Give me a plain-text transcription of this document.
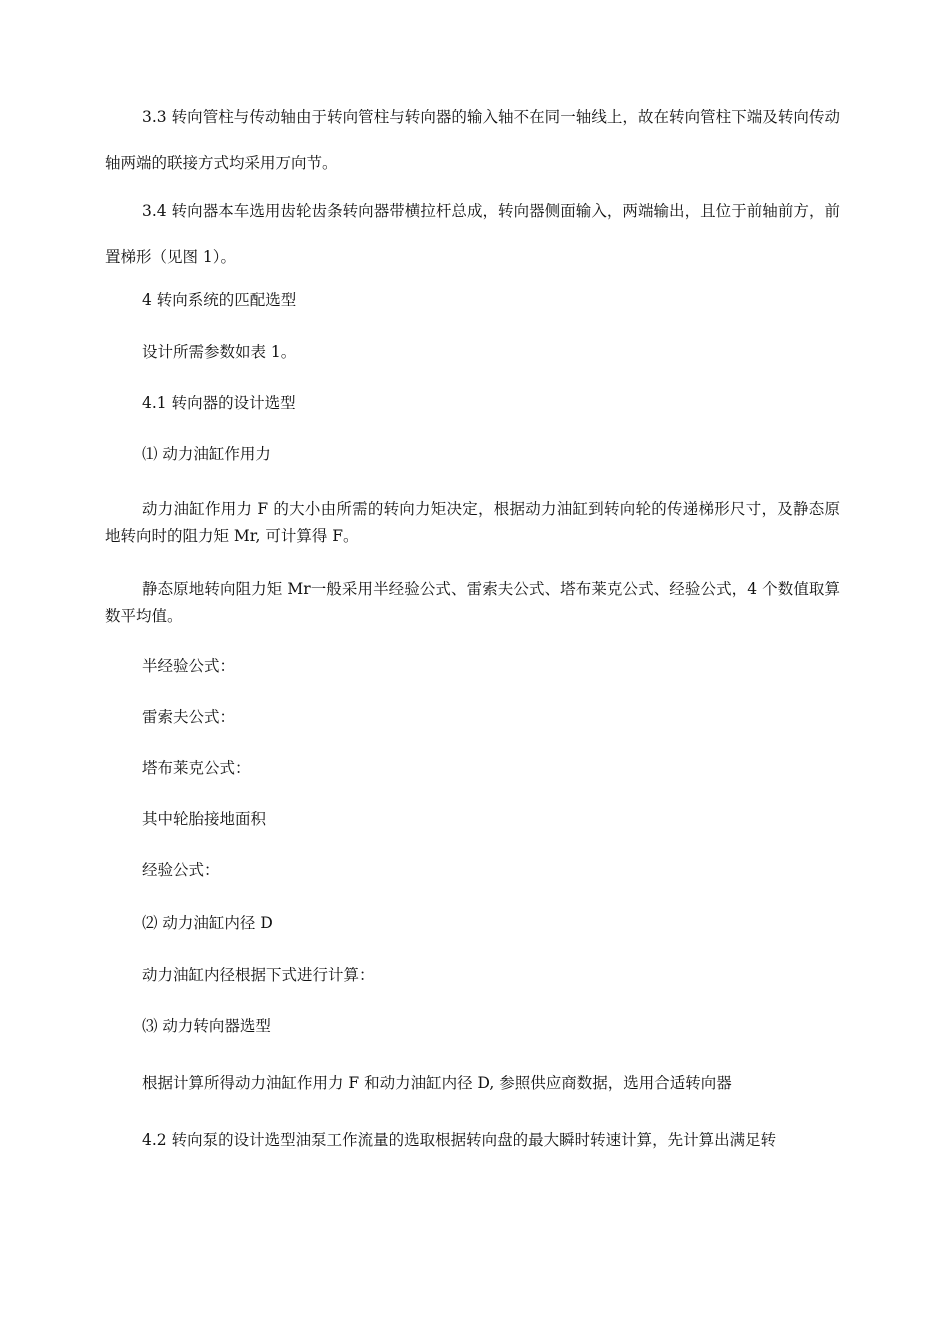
3.3 转向管柱与传动轴由于转向管柱与转向器的输入轴不在同一轴线上，故在转向管柱下端及转向传动轴两端的联接方式均采用万向节。

3.4 转向器本车选用齿轮齿条转向器带横拉杆总成，转向器侧面输入，两端输出，且位于前轴前方，前置梯形（见图 1）。

4 转向系统的匹配选型

设计所需参数如表 1。

4.1 转向器的设计选型

⑴ 动力油缸作用力

动力油缸作用力 F 的大小由所需的转向力矩决定，根据动力油缸到转向轮的传递梯形尺寸，及静态原地转向时的阻力矩 Mr, 可计算得 F。

静态原地转向阻力矩 Mr一般采用半经验公式、雷索夫公式、塔布莱克公式、经验公式，4 个数值取算数平均值。

半经验公式：

雷索夫公式：

塔布莱克公式：

其中轮胎接地面积

经验公式：

⑵ 动力油缸内径 D

动力油缸内径根据下式进行计算：

⑶ 动力转向器选型

根据计算所得动力油缸作用力 F 和动力油缸内径 D, 参照供应商数据，选用合适转向器

4.2 转向泵的设计选型油泵工作流量的选取根据转向盘的最大瞬时转速计算，先计算出满足转
